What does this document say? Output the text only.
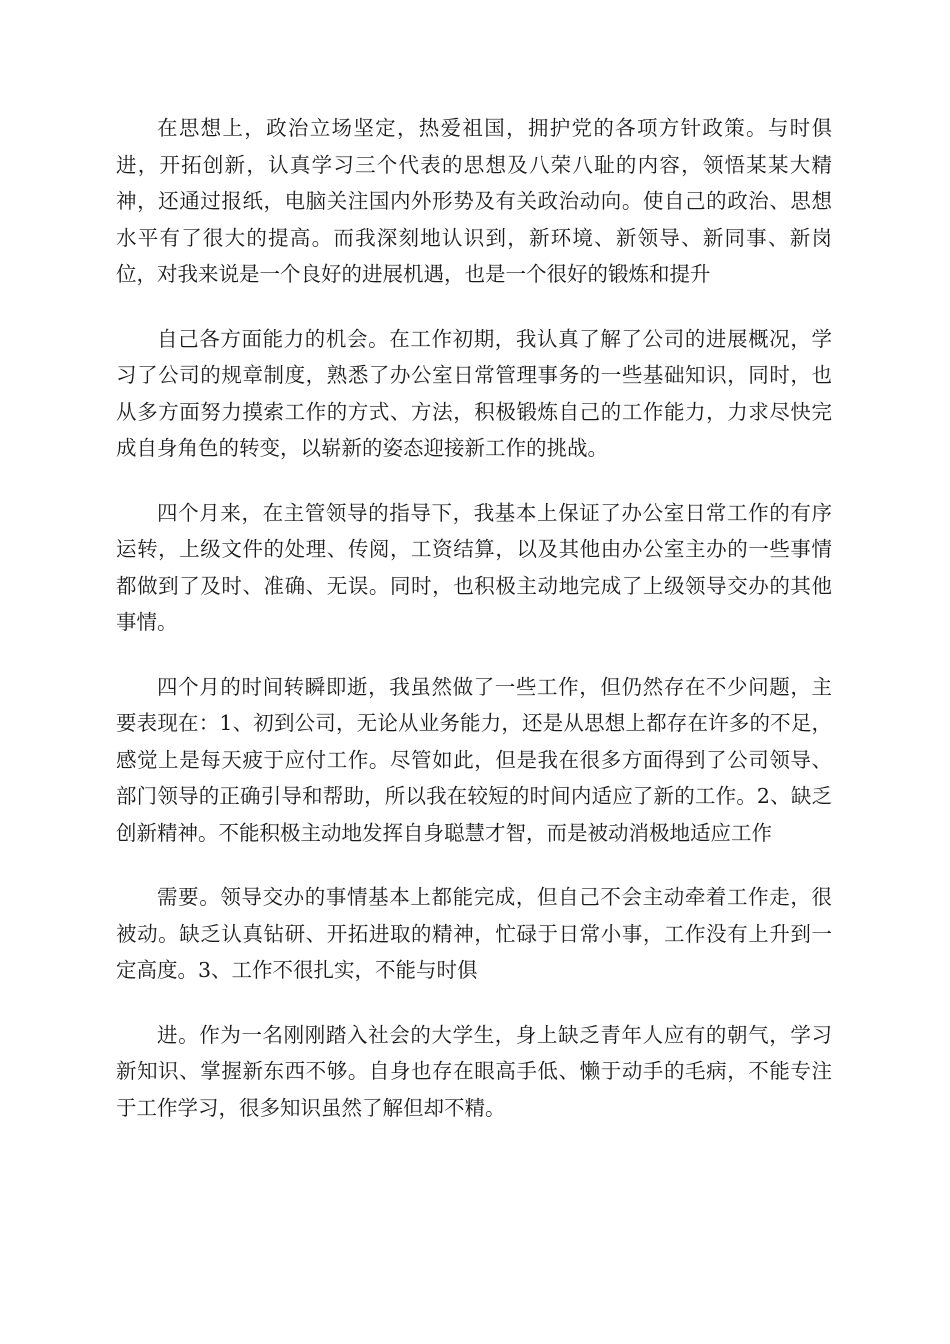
在思想上，政治立场坚定，热爱祖国，拥护党的各项方针政策。与时俱进，开拓创新，认真学习三个代表的思想及八荣八耻的内容，领悟某某大精神，还通过报纸，电脑关注国内外形势及有关政治动向。使自己的政治、思想水平有了很大的提高。而我深刻地认识到，新环境、新领导、新同事、新岗位，对我来说是一个良好的进展机遇，也是一个很好的锻炼和提升

自己各方面能力的机会。在工作初期，我认真了解了公司的进展概况，学习了公司的规章制度，熟悉了办公室日常管理事务的一些基础知识，同时，也从多方面努力摸索工作的方式、方法，积极锻炼自己的工作能力，力求尽快完成自身角色的转变，以崭新的姿态迎接新工作的挑战。

四个月来，在主管领导的指导下，我基本上保证了办公室日常工作的有序运转，上级文件的处理、传阅，工资结算，以及其他由办公室主办的一些事情都做到了及时、准确、无误。同时，也积极主动地完成了上级领导交办的其他事情。

四个月的时间转瞬即逝，我虽然做了一些工作，但仍然存在不少问题，主要表现在：1、初到公司，无论从业务能力，还是从思想上都存在许多的不足，感觉上是每天疲于应付工作。尽管如此，但是我在很多方面得到了公司领导、部门领导的正确引导和帮助，所以我在较短的时间内适应了新的工作。2、缺乏创新精神。不能积极主动地发挥自身聪慧才智，而是被动消极地适应工作

需要。领导交办的事情基本上都能完成，但自己不会主动牵着工作走，很被动。缺乏认真钻研、开拓进取的精神，忙碌于日常小事，工作没有上升到一定高度。3、工作不很扎实，不能与时俱

进。作为一名刚刚踏入社会的大学生，身上缺乏青年人应有的朝气，学习新知识、掌握新东西不够。自身也存在眼高手低、懒于动手的毛病，不能专注于工作学习，很多知识虽然了解但却不精。
